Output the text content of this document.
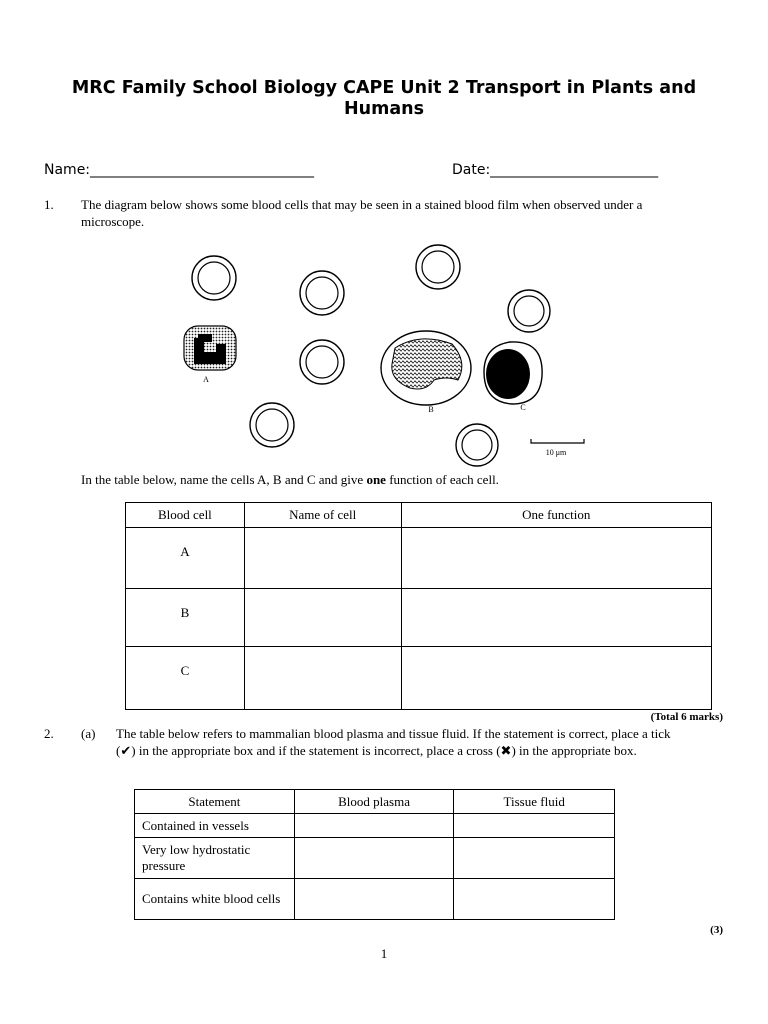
MRC Family School Biology CAPE Unit 2 Transport in Plants and Humans
Name:________________________________	Date:________________________
1. The diagram below shows some blood cells that may be seen in a stained blood film when observed under a microscope.
A
B	C
10 μm
In the table below, name the cells A, B and C and give one function of each cell.
Blood cell	Name of cell	One function
A		
B		
C		
(Total 6 marks)
2. (a) The table below refers to mammalian blood plasma and tissue fluid. If the statement is correct, place a tick (✔) in the appropriate box and if the statement is incorrect, place a cross (✖) in the appropriate box.
Statement	Blood plasma	Tissue fluid
Contained in vessels		
Very low hydrostatic pressure		
Contains white blood cells		
(3)
1
